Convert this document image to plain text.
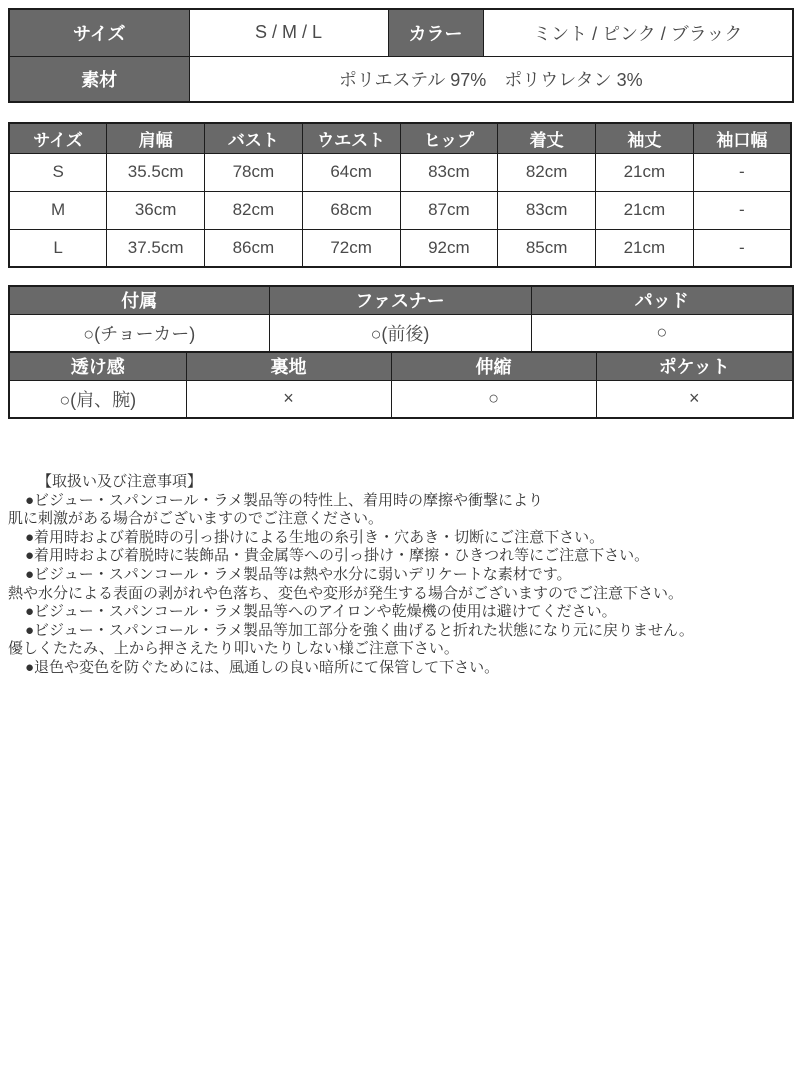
サイズ	S / M / L	カラー	ミント / ピンク / ブラック
素材	ポリエステル 97%　ポリウレタン 3%		
サイズ	肩幅	バスト	ウエスト	ヒップ	着丈	袖丈	袖口幅
S	35.5cm	78cm	64cm	83cm	82cm	21cm	-
M	36cm	82cm	68cm	87cm	83cm	21cm	-
L	37.5cm	86cm	72cm	92cm	85cm	21cm	-
付属	ファスナー	パッド
○(チョーカー)	○(前後)	○
透け感	裏地	伸縮	ポケット
○(肩、腕)	×	○	×
【取扱い及び注意事項】
●ビジュー・スパンコール・ラメ製品等の特性上、着用時の摩擦や衝撃により
肌に刺激がある場合がございますのでご注意ください。
●着用時および着脱時の引っ掛けによる生地の糸引き・穴あき・切断にご注意下さい。
●着用時および着脱時に装飾品・貴金属等への引っ掛け・摩擦・ひきつれ等にご注意下さい。
●ビジュー・スパンコール・ラメ製品等は熱や水分に弱いデリケートな素材です。
熱や水分による表面の剥がれや色落ち、変色や変形が発生する場合がございますのでご注意下さい。
●ビジュー・スパンコール・ラメ製品等へのアイロンや乾燥機の使用は避けてください。
●ビジュー・スパンコール・ラメ製品等加工部分を強く曲げると折れた状態になり元に戻りません。
優しくたたみ、上から押さえたり叩いたりしない様ご注意下さい。
●退色や変色を防ぐためには、風通しの良い暗所にて保管して下さい。
